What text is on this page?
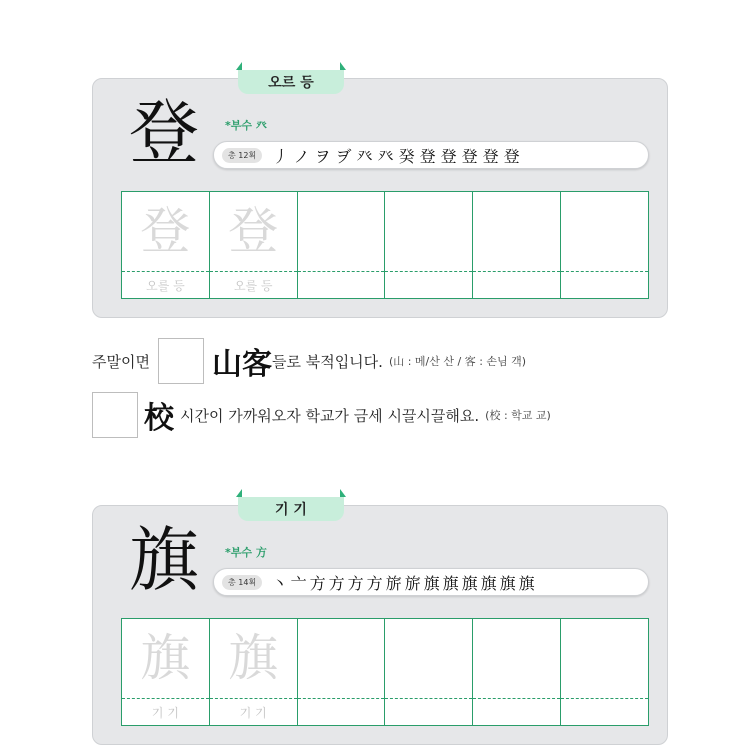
登 *부수 癶
총 12획	丿 ノ ヲ ヺ 癶 癶 癸 登 登 登 登 登
登
오를 등
登
오를 등
오르 등
주말이면 山客 들로 북적입니다. (山 : 메/산 산 / 客 : 손님 객)
校 시간이 가까워오자 학교가 금세 시끌시끌해요. (校 : 학교 교)
旗 *부수 方
총 14획 丶 亠 方 方 方 方 旂 旂 旗 旗 旗 旗 旗 旗
旗
기 기
旗
기 기
기 기
